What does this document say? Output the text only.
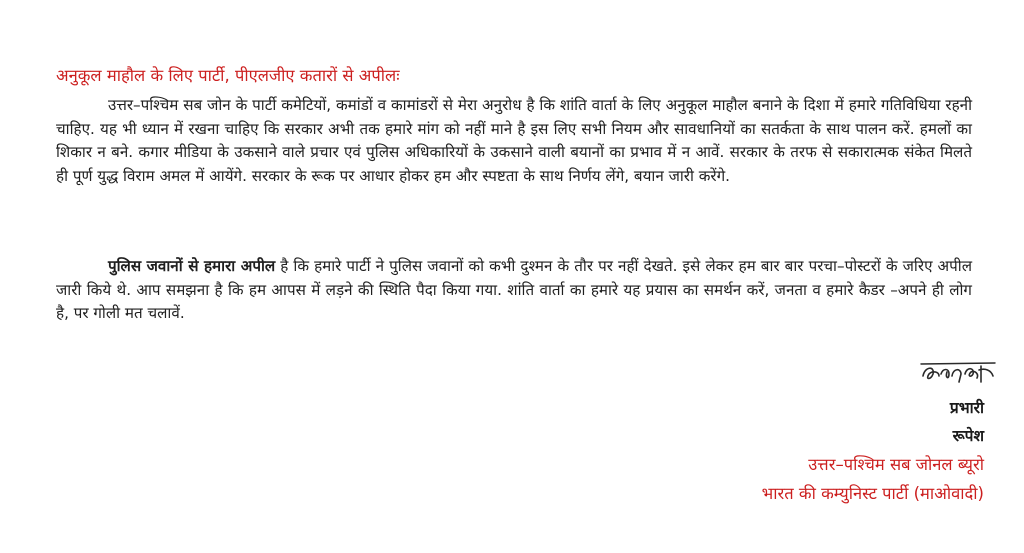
अनुकूल माहौल के लिए पार्टी, पीएलजीए कतारों से अपीलः
उत्तर–पश्चिम सब जोन के पार्टी कमेटियों, कमांडों व कामांडरों से मेरा अनुरोध है कि शांति वार्ता के लिए अनुकूल माहौल बनाने के दिशा में हमारे गतिविधिया रहनी चाहिए. यह भी ध्यान में रखना चाहिए कि सरकार अभी तक हमारे मांग को नहीं माने है इस लिए सभी नियम और सावधानियों का सतर्कता के साथ पालन करें. हमलों का शिकार न बने. कगार मीडिया के उकसाने वाले प्रचार एवं पुलिस अधिकारियों के उकसाने वाली बयानों का प्रभाव में न आवें. सरकार के तरफ से सकारात्मक संकेत मिलते ही पूर्ण युद्ध विराम अमल में आयेंगे. सरकार के रूक पर आधार होकर हम और स्पष्टता के साथ निर्णय लेंगे, बयान जारी करेंगे.
पुलिस जवानों से हमारा अपील है कि हमारे पार्टी ने पुलिस जवानों को कभी दुश्मन के तौर पर नहीं देखते. इसे लेकर हम बार बार परचा–पोस्टरों के जरिए अपील जारी किये थे. आप समझना है कि हम आपस में लड़ने की स्थिति पैदा किया गया. शांति वार्ता का हमारे यह प्रयास का समर्थन करें, जनता व हमारे कैडर –अपने ही लोग है, पर गोली मत चलावें.
प्रभारी
रूपेश
उत्तर–पश्चिम सब जोनल ब्यूरो
भारत की कम्युनिस्ट पार्टी (माओवादी)
